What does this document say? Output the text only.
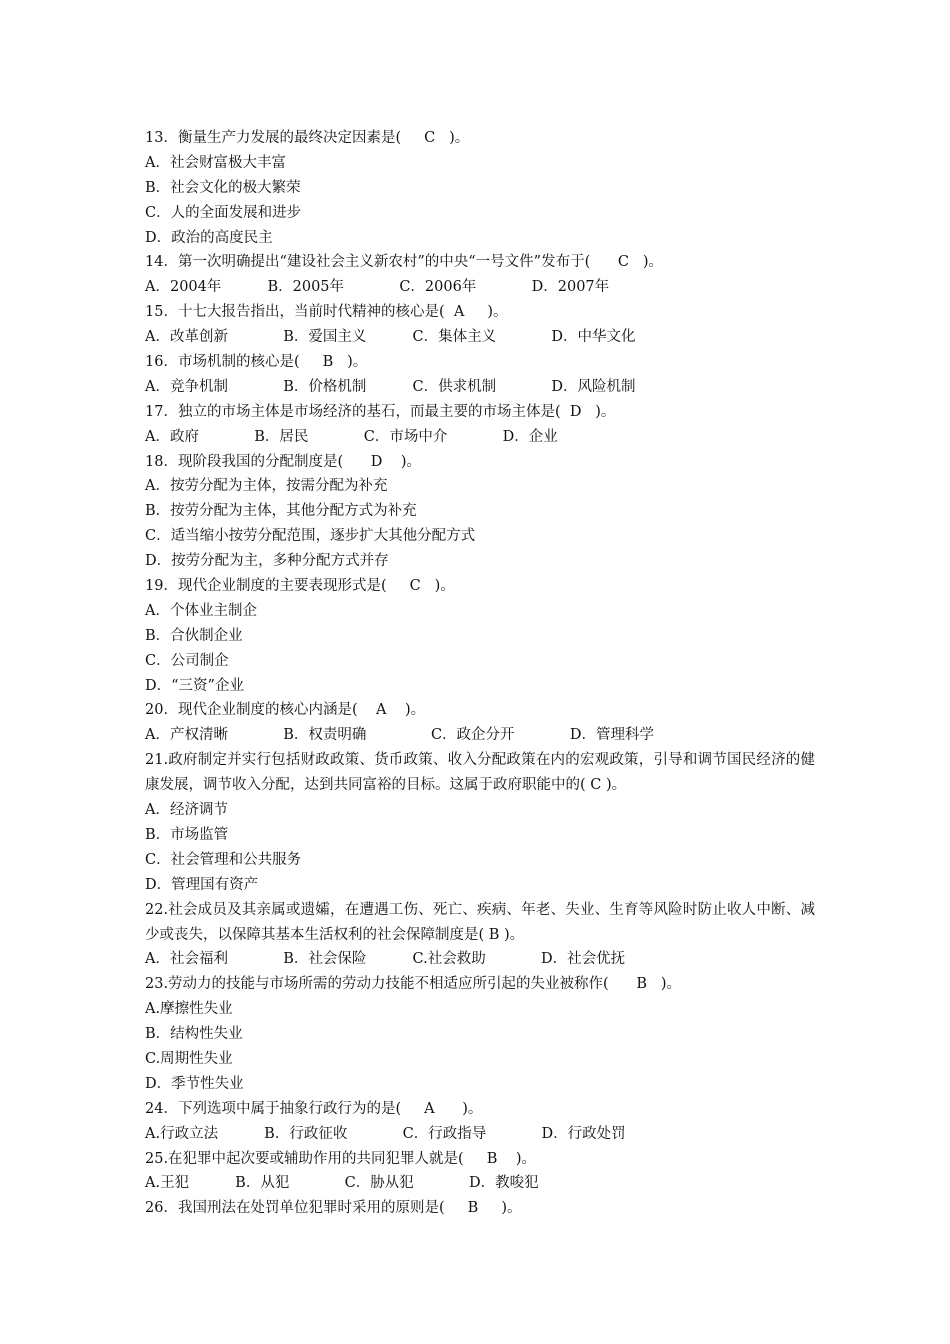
13．衡量生产力发展的最终决定因素是(     C   )。
A．社会财富极大丰富
B．社会文化的极大繁荣
C．人的全面发展和进步
D．政治的高度民主
14．第一次明确提出“建设社会主义新农村”的中央“一号文件”发布于(      C   )。
A．2004年          B．2005年            C．2006年            D．2007年
15．十七大报告指出，当前时代精神的核心是(  A     )。
A．改革创新            B．爱国主义          C．集体主义            D．中华文化
16．市场机制的核心是(     B   )。
A．竞争机制            B．价格机制          C．供求机制            D．风险机制
17．独立的市场主体是市场经济的基石，而最主要的市场主体是(  D   )。
A．政府            B．居民            C．市场中介            D．企业
18．现阶段我国的分配制度是(      D    )。
A．按劳分配为主体，按需分配为补充
B．按劳分配为主体，其他分配方式为补充
C．适当缩小按劳分配范围，逐步扩大其他分配方式
D．按劳分配为主，多种分配方式并存
19．现代企业制度的主要表现形式是(     C   )。
A．个体业主制企
B．合伙制企业
C．公司制企
D．“三资”企业
20．现代企业制度的核心内涵是(    A    )。
A．产权清晰            B．权责明确              C．政企分开            D．管理科学
21.政府制定并实行包括财政政策、货币政策、收入分配政策在内的宏观政策，引导和调节国民经济的健康发展，调节收入分配，达到共同富裕的目标。这属于政府职能中的( C )。
A．经济调节
B．市场监管
C．社会管理和公共服务
D．管理国有资产
22.社会成员及其亲属或遗孀，在遭遇工伤、死亡、疾病、年老、失业、生育等风险时防止收人中断、减少或丧失，以保障其基本生活权利的社会保障制度是( B )。
A．社会福利            B．社会保险          C.社会救助            D．社会优抚
23.劳动力的技能与市场所需的劳动力技能不相适应所引起的失业被称作(      B   )。
A.摩擦性失业
B．结构性失业
C.周期性失业
D．季节性失业
24．下列选项中属于抽象行政行为的是(     A      )。
A.行政立法          B．行政征收            C．行政指导            D．行政处罚
25.在犯罪中起次要或辅助作用的共同犯罪人就是(     B    )。
A.王犯          B．从犯            C．胁从犯            D．教唆犯
26．我国刑法在处罚单位犯罪时采用的原则是(     B     )。
